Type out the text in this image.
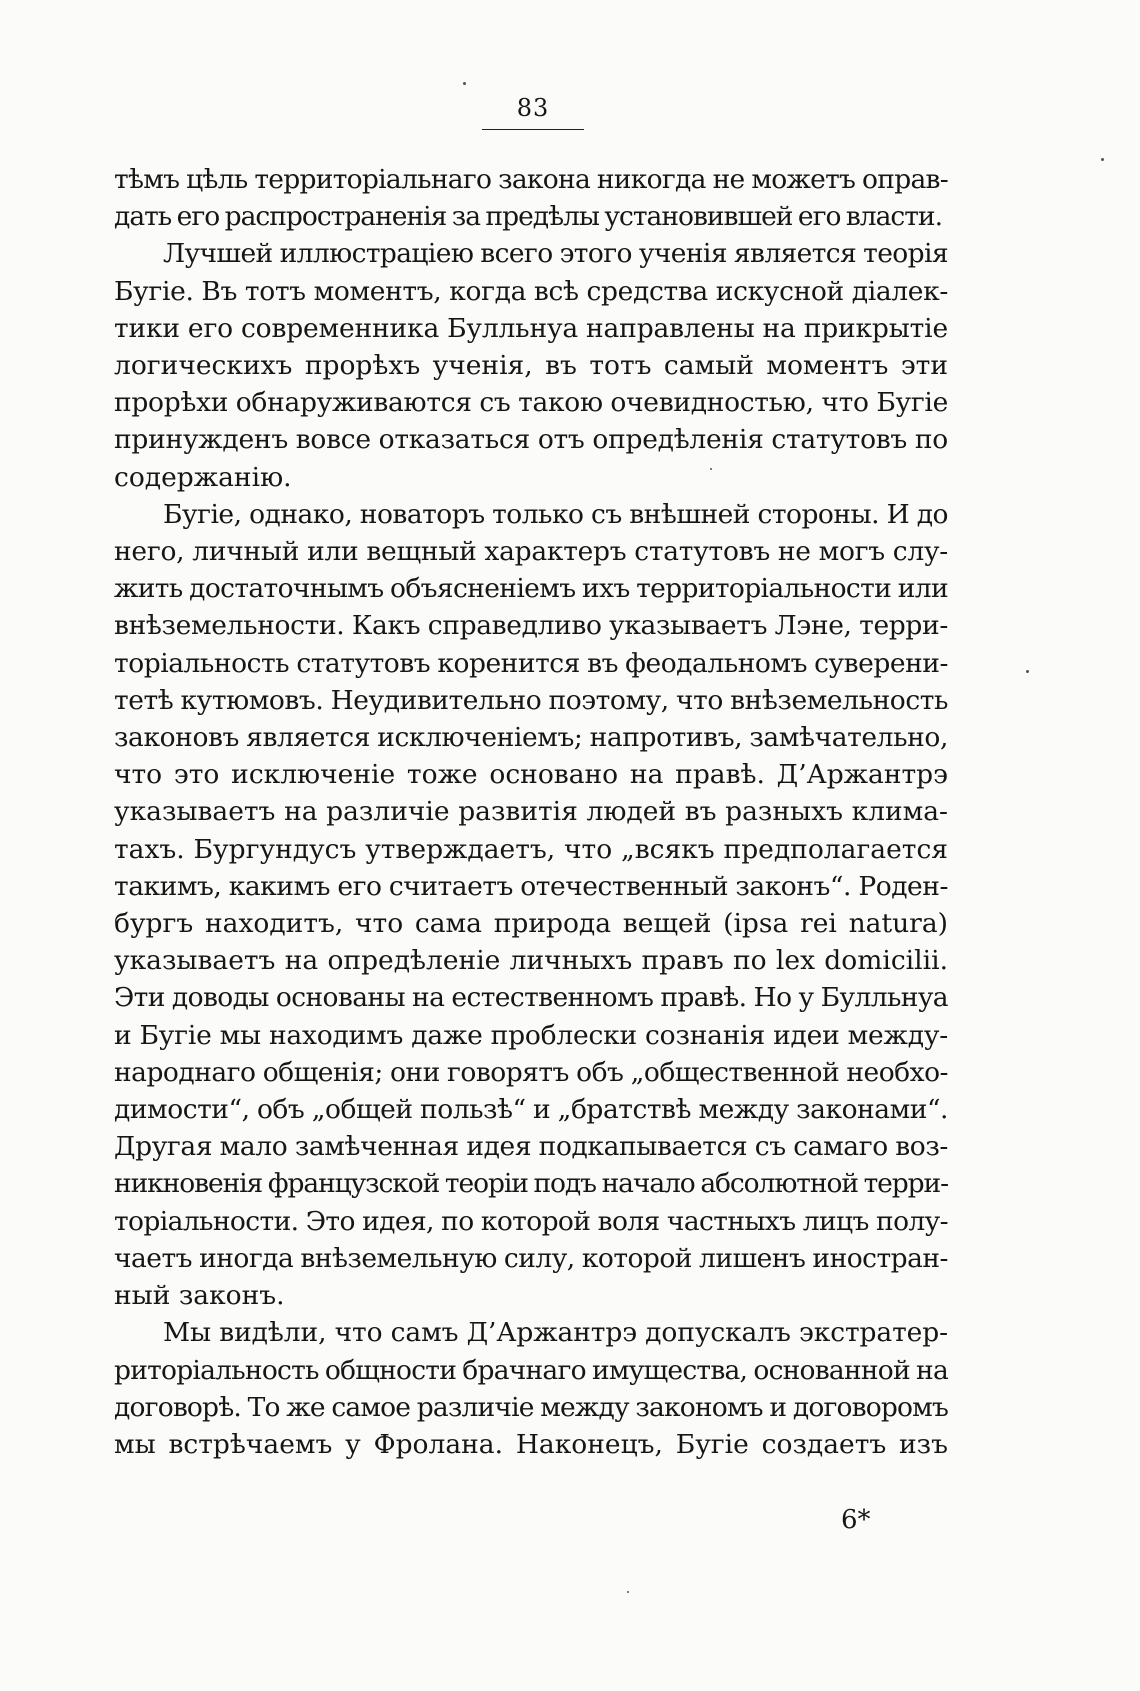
83
тѣмъ цѣль территоріальнаго закона никогда не можетъ оправ-
дать его распространенія за предѣлы установившей его власти.
Лучшей иллюстраціею всего этого ученія является теорія
Бугіе. Въ тотъ моментъ, когда всѣ средства искусной діалек-
тики его современника Булльнуа направлены на прикрытіе
логическихъ прорѣхъ ученія, въ тотъ самый моментъ эти
прорѣхи обнаруживаются съ такою очевидностью, что Бугіе
принужденъ вовсе отказаться отъ опредѣленія статутовъ по
содержанію.
Бугіе, однако, новаторъ только съ внѣшней стороны. И до
него, личный или вещный характеръ статутовъ не могъ слу-
жить достаточнымъ объясненіемъ ихъ территоріальности или
внѣземельности. Какъ справедливо указываетъ Лэне, терри-
торіальность статутовъ коренится въ феодальномъ суверени-
тетѣ кутюмовъ. Неудивительно поэтому, что внѣземельность
законовъ является исключеніемъ; напротивъ, замѣчательно,
что это исключеніе тоже основано на правѣ. Д’Аржантрэ
указываетъ на различіе развитія людей въ разныхъ клима-
тахъ. Бургундусъ утверждаетъ, что „всякъ предполагается
такимъ, какимъ его считаетъ отечественный законъ“. Роден-
бургъ находитъ, что сама природа вещей (ipsa rei natura)
указываетъ на опредѣленіе личныхъ правъ по lex domicilii.
Эти доводы основаны на естественномъ правѣ. Но у Булльнуа
и Бугіе мы находимъ даже проблески сознанія идеи между-
народнаго общенія; они говорятъ объ „общественной необхо-
димости“, объ „общей пользѣ“ и „братствѣ между законами“.
Другая мало замѣченная идея подкапывается съ самаго воз-
никновенія французской теоріи подъ начало абсолютной терри-
торіальности. Это идея, по которой воля частныхъ лицъ полу-
чаетъ иногда внѣземельную силу, которой лишенъ иностран-
ный законъ.
Мы видѣли, что самъ Д’Аржантрэ допускалъ экстратер-
риторіальность общности брачнаго имущества, основанной на
договорѣ. То же самое различіе между закономъ и договоромъ
мы встрѣчаемъ у Фролана. Наконецъ, Бугіе создаетъ изъ
6*
